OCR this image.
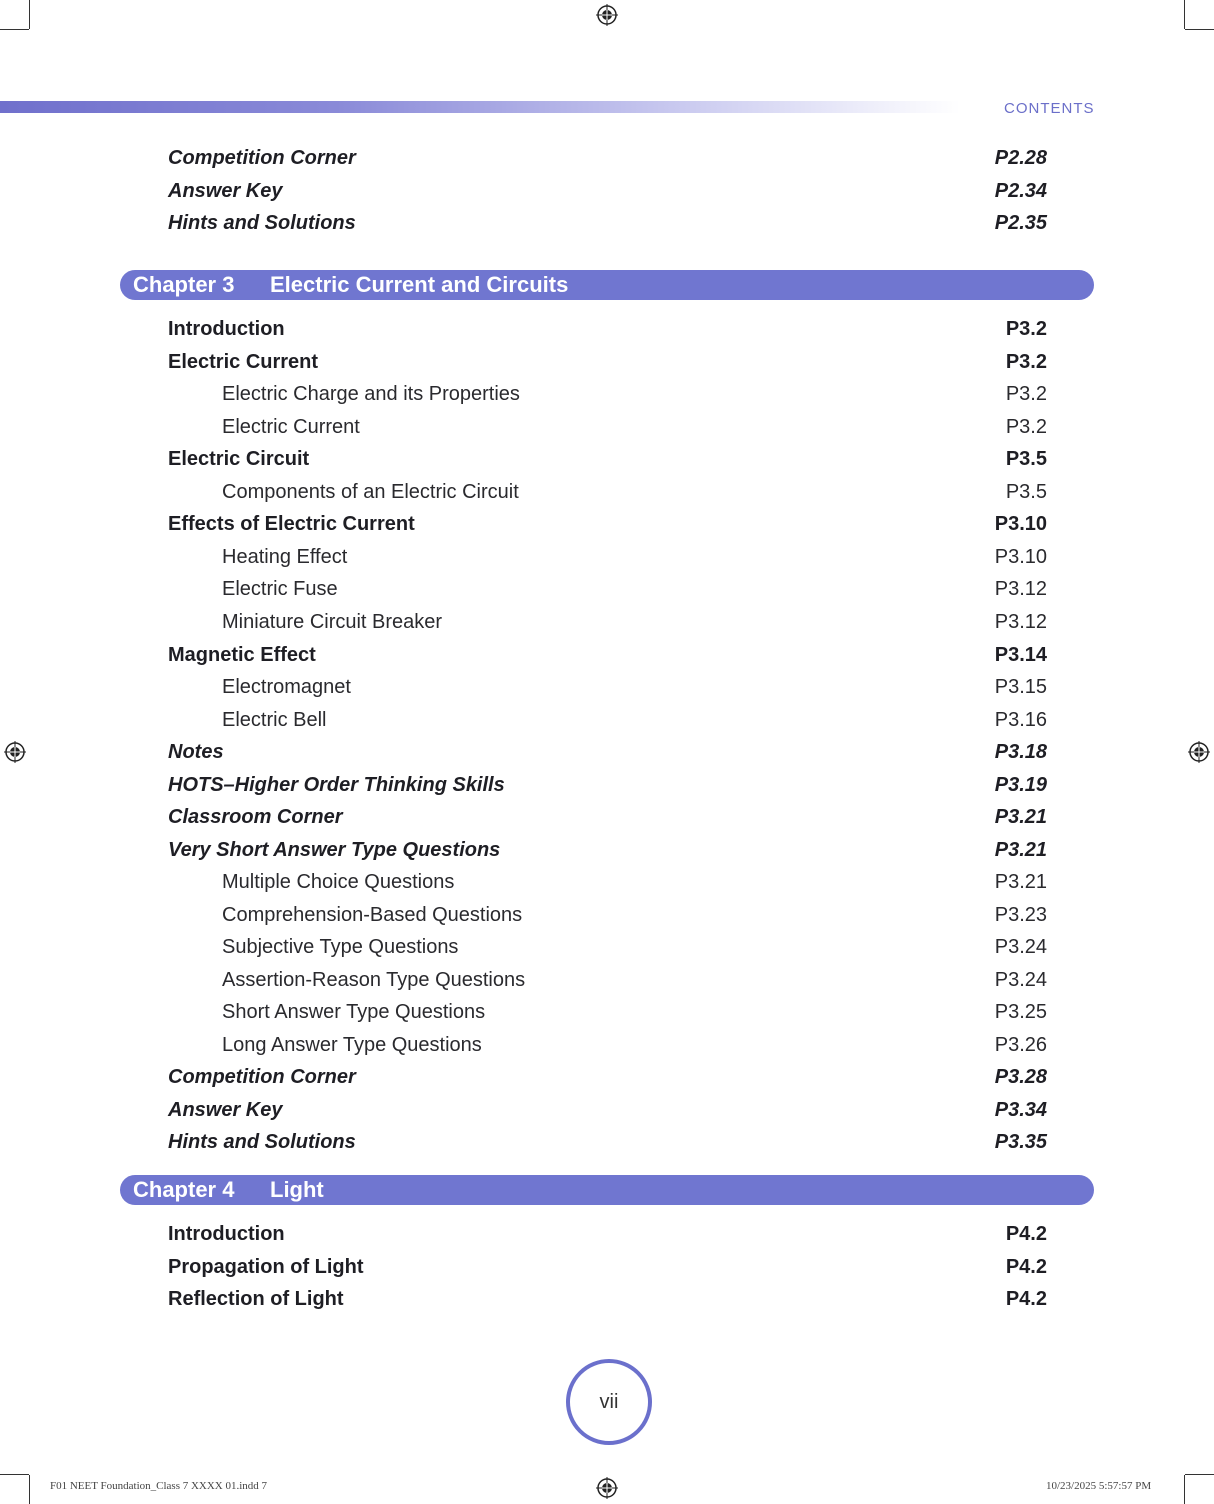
CONTENTS
Competition Corner	P2.28
Answer Key	P2.34
Hints and Solutions	P2.35
Chapter 3	Electric Current and Circuits
Introduction	P3.2
Electric Current	P3.2
Electric Charge and its Properties	P3.2
Electric Current	P3.2
Electric Circuit	P3.5
Components of an Electric Circuit	P3.5
Effects of Electric Current	P3.10
Heating Effect	P3.10
Electric Fuse	P3.12
Miniature Circuit Breaker	P3.12
Magnetic Effect	P3.14
Electromagnet	P3.15
Electric Bell	P3.16
Notes	P3.18
HOTS–Higher Order Thinking Skills	P3.19
Classroom Corner	P3.21
Very Short Answer Type Questions	P3.21
Multiple Choice Questions	P3.21
Comprehension-Based Questions	P3.23
Subjective Type Questions	P3.24
Assertion-Reason Type Questions	P3.24
Short Answer Type Questions	P3.25
Long Answer Type Questions	P3.26
Competition Corner	P3.28
Answer Key	P3.34
Hints and Solutions	P3.35
Chapter 4	Light
Introduction	P4.2
Propagation of Light	P4.2
Reflection of Light	P4.2
vii
F01 NEET Foundation_Class 7 XXXX 01.indd 7	10/23/2025 5:57:57 PM
